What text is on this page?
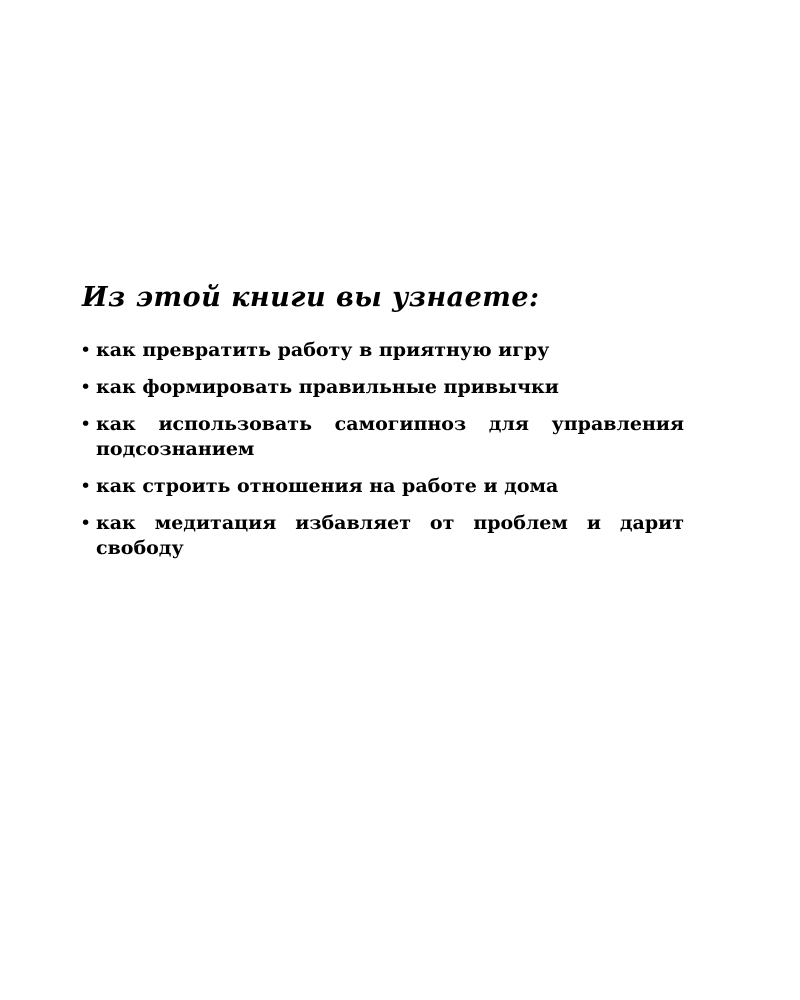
Из этой книги вы узнаете:
• как превратить работу в приятную игру
• как формировать правильные привычки
• как использовать самогипноз для управления подсознанием
• как строить отношения на работе и дома
• как медитация избавляет от проблем и дарит свободу
